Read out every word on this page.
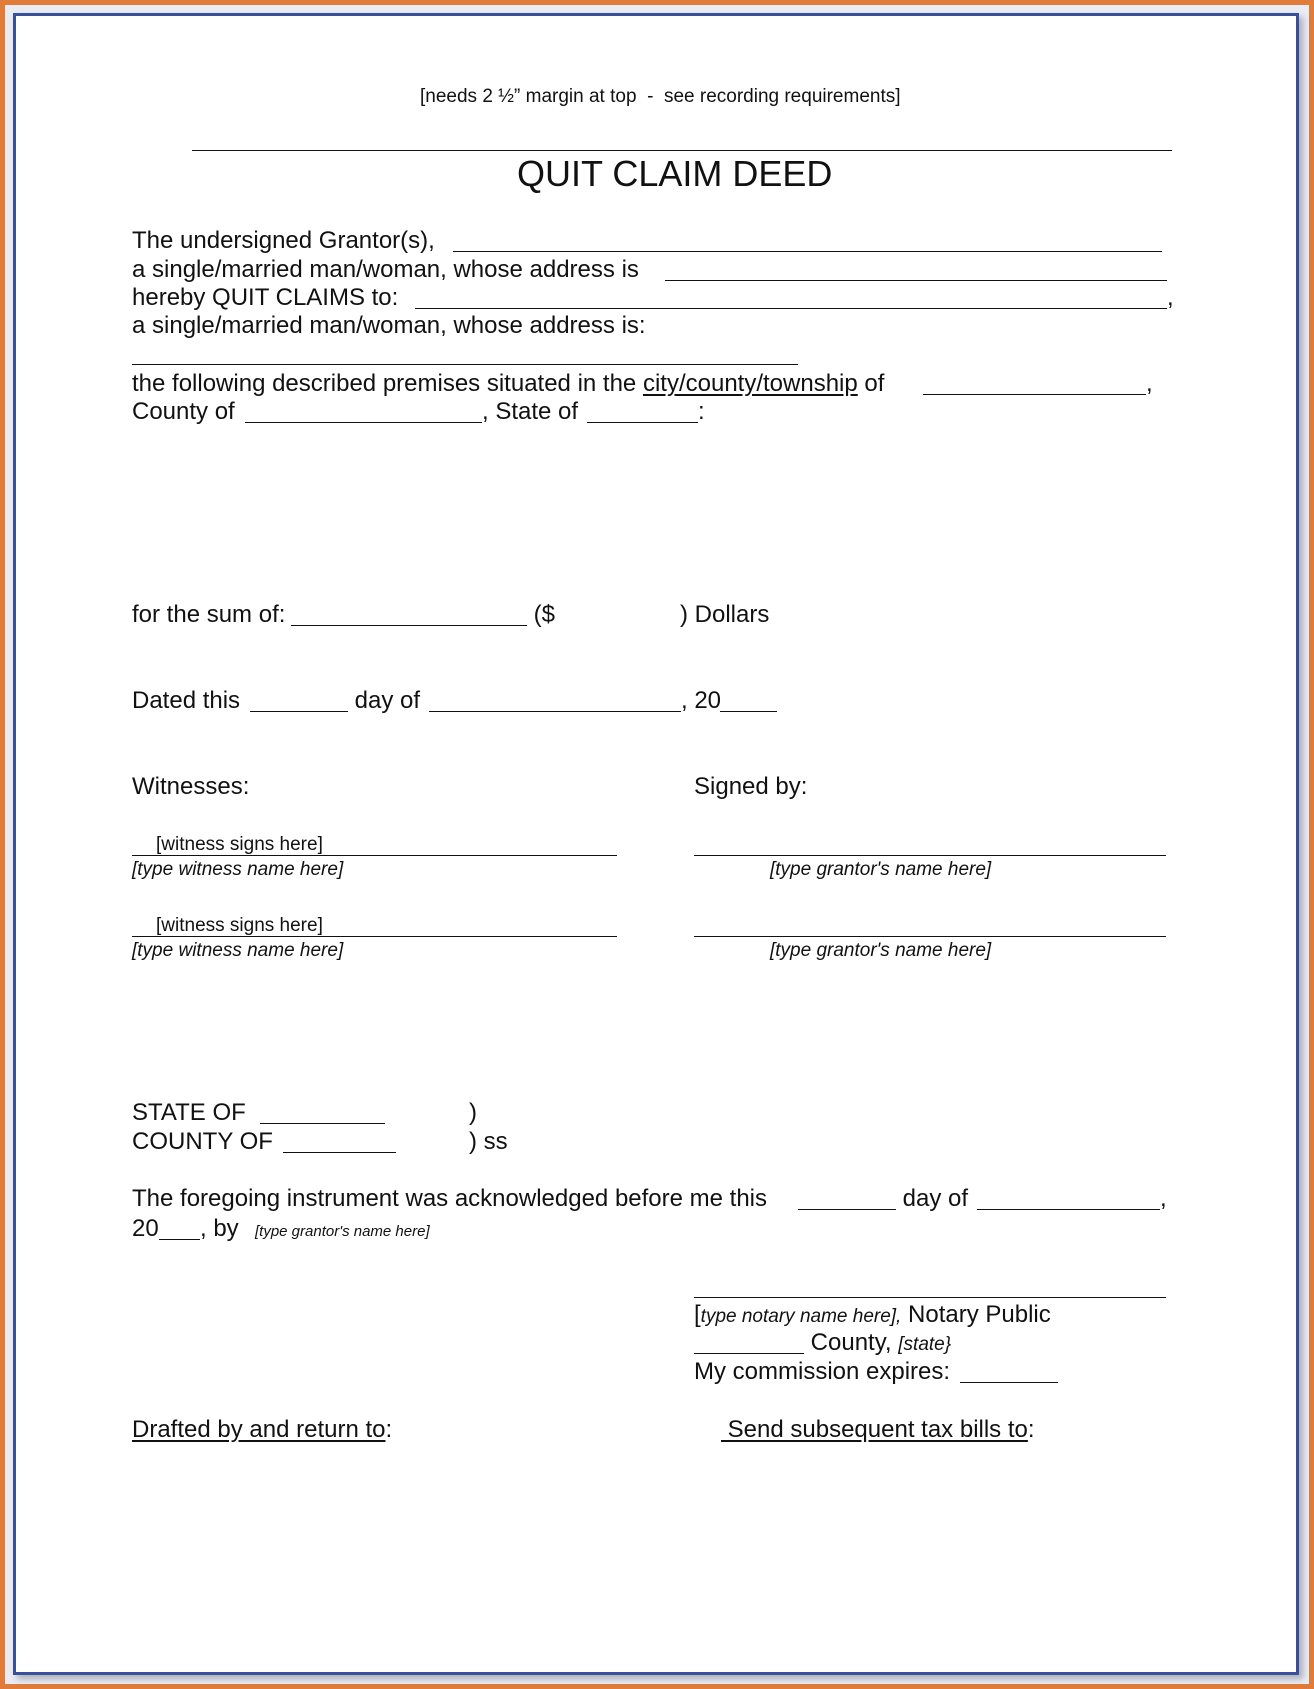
[needs 2 ½” margin at top  -  see recording requirements]
QUIT CLAIM DEED
The undersigned Grantor(s),
a single/married man/woman, whose address is
hereby QUIT CLAIMS to:	,
a single/married man/woman, whose address is:
the following described premises situated in the city/county/township of	,
County of	, State of	:
for the sum of:	($	) Dollars
Dated this	day of	, 20
Witnesses:	Signed by:
[witness signs here]
[type witness name here]	[type grantor's name here]
[witness signs here]
[type witness name here]	[type grantor's name here]
STATE OF	)
COUNTY OF	) ss
The foregoing instrument was acknowledged before me this	day of	,
20 , by [type grantor's name here]
[type notary name here], Notary Public
County, [state}
My commission expires:
Drafted by and return to:	Send subsequent tax bills to:
